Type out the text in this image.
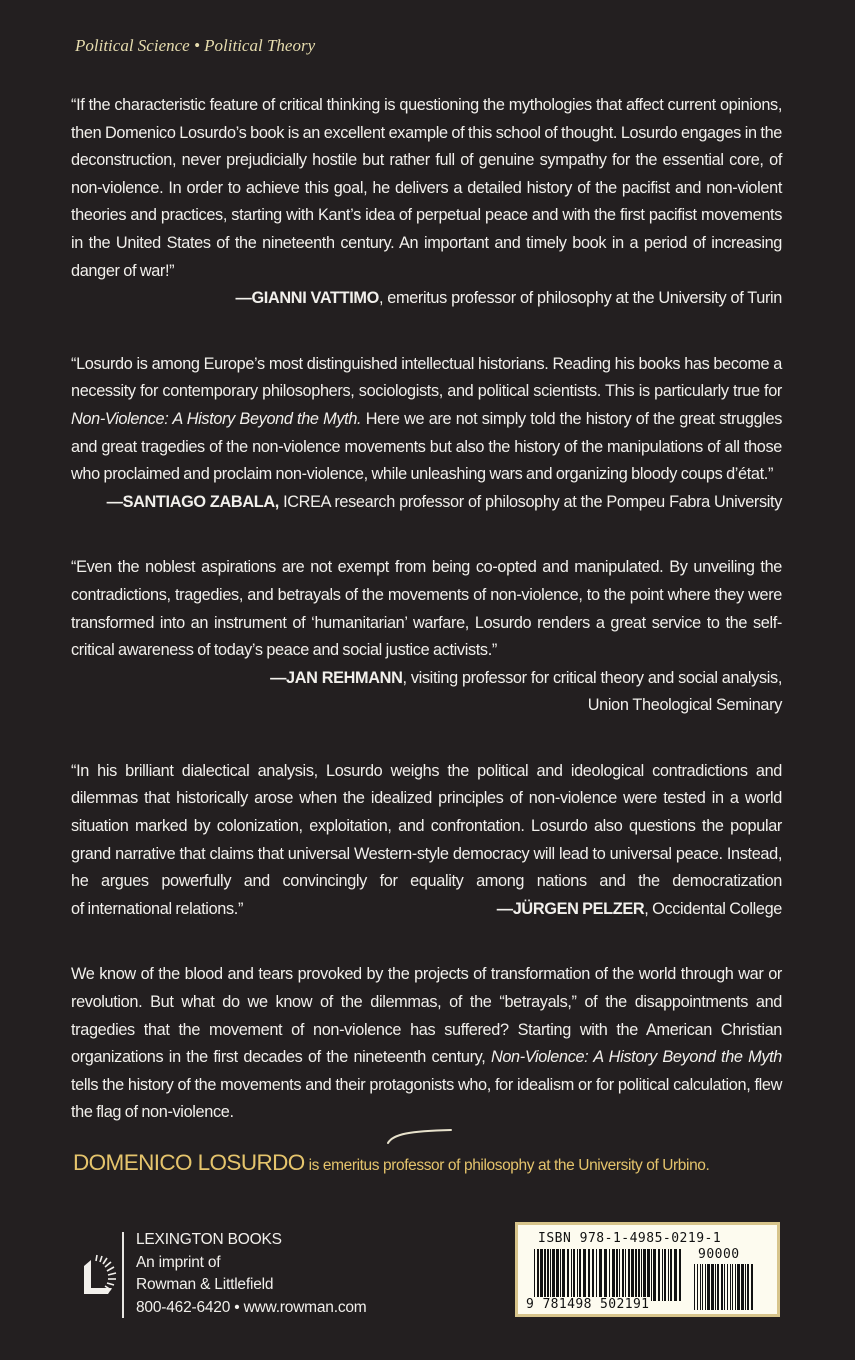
Political Science • Political Theory
“If the characteristic feature of critical thinking is questioning the mythologies that affect current opinions, then Domenico Losurdo’s book is an excellent example of this school of thought. Losurdo engages in the deconstruction, never prejudicially hostile but rather full of genuine sympathy for the essential core, of non-violence. In order to achieve this goal, he delivers a detailed history of the pacifist and non-violent theories and practices, starting with Kant’s idea of perpetual peace and with the first pacifist movements in the United States of the nineteenth century. An important and timely book in a period of increasing danger of war!”
—GIANNI VATTIMO, emeritus professor of philosophy at the University of Turin
“Losurdo is among Europe’s most distinguished intellectual historians. Reading his books has become a necessity for contemporary philosophers, sociologists, and political scientists. This is particularly true for Non-Violence: A History Beyond the Myth. Here we are not simply told the history of the great struggles and great tragedies of the non-violence movements but also the history of the manipulations of all those who proclaimed and proclaim non-violence, while unleashing wars and organizing bloody coups d’état.”
—SANTIAGO ZABALA, ICREA research professor of philosophy at the Pompeu Fabra University
“Even the noblest aspirations are not exempt from being co-opted and manipulated. By unveiling the contradictions, tragedies, and betrayals of the movements of non-violence, to the point where they were transformed into an instrument of ‘humanitarian’ warfare, Losurdo renders a great service to the self-critical awareness of today’s peace and social justice activists.”
—JAN REHMANN, visiting professor for critical theory and social analysis,
Union Theological Seminary
“In his brilliant dialectical analysis, Losurdo weighs the political and ideological contradictions and dilemmas that historically arose when the idealized principles of non-violence were tested in a world situation marked by colonization, exploitation, and confrontation. Losurdo also questions the popular grand narrative that claims that universal Western-style democracy will lead to universal peace. Instead, he argues powerfully and convincingly for equality among nations and the democratization
of international relations.”	—JÜRGEN PELZER, Occidental College
We know of the blood and tears provoked by the projects of transformation of the world through war or revolution. But what do we know of the dilemmas, of the “betrayals,” of the disappointments and tragedies that the movement of non-violence has suffered? Starting with the American Christian organizations in the first decades of the nineteenth century, Non-Violence: A History Beyond the Myth tells the history of the movements and their protagonists who, for idealism or for political calculation, flew the flag of non-violence.
DOMENICO LOSURDO is emeritus professor of philosophy at the University of Urbino.
LEXINGTON BOOKS
An imprint of
Rowman & Littlefield
800-462-6420 • www.rowman.com
ISBN 978-1-4985-0219-1
90000
9 781498 502191
